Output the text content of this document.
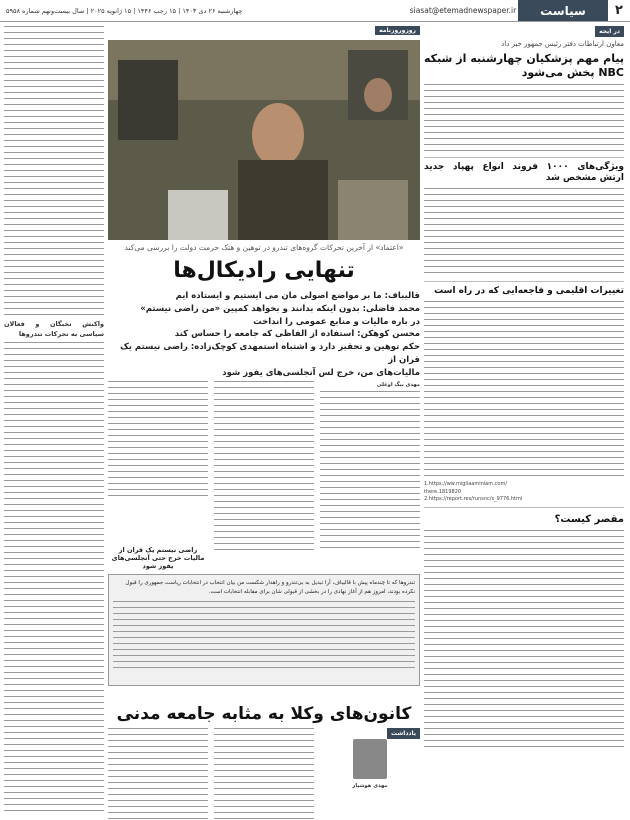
سیاست	۲
siasat@etemadnewspaper.ir
چهارشنبه ۲۶ دی ۱۴۰۳ | ۱۵ رجب ۱۴۴۶ | ۱۵ ژانویه ۲۰۲۵ | سال بیست‌ونهم شماره ۵۹۵۸
در ایجه
معاون ارتباطات دفتر رئیس جمهور خبر داد
پیام مهم پزشکیان چهارشنبه از شبکه NBC پخش می‌شود
ویژگی‌های ۱۰۰۰ فروند انواع پهپاد جدید ارتش مشخص شد
تغییرات اقلیمی و فاجعه‌ایی که در راه است
1.https://ww.migliaaminiam.com/
there.1819820
2.https://report.res/runsnc/s_9776.html
مقصر کیست؟
روزوروزنامه
«اعتماد» از آخرین تحرکات گروه‌های تندرو در توهین و هتک حرمت دولت را بررسی می‌کند
تنهایی رادیکال‌ها
قالیباف: ما بر مواضع اصولی مان می ایستیم و ایستاده ایم
محمد فاضلی: بدون اینکه بدانند و بخواهد کمپین «من راضی نیستم»
در باره مالیات و منابع عمومی را انداخت
محسن کوهکن: استفاده از الفاظی که جامعه را حساس کند
حکم توهین و تحقیر دارد و اشتباه استمهدی کوچک‌زاده: راضی نیستم یک قران از
مالیات‌های من، خرج لس آنجلسی‌های یفوز شود
مهدی بیگ اوغلی
راضی نیستم یک قران از مالیات خرج حتی آنجلسی‌های یفوز شود
تندروها که تا چندماه پیش با قالیباف، آرا تبدیل به بی‌تندرو و راهدار شکست من بیان انتخاب در انتخابات ریاست جمهوری را قبول نکرده بودند، امروز هم از آغاز نهادی را در بخشی از قبولی شان برای مقابله انتخابات است.
کانون‌های وکلا به مثابه جامعه مدنی
یادداشت
مهدی هوشیار
واکنش نخبگان و فعالان سیاسی به تحرکات تندروها
